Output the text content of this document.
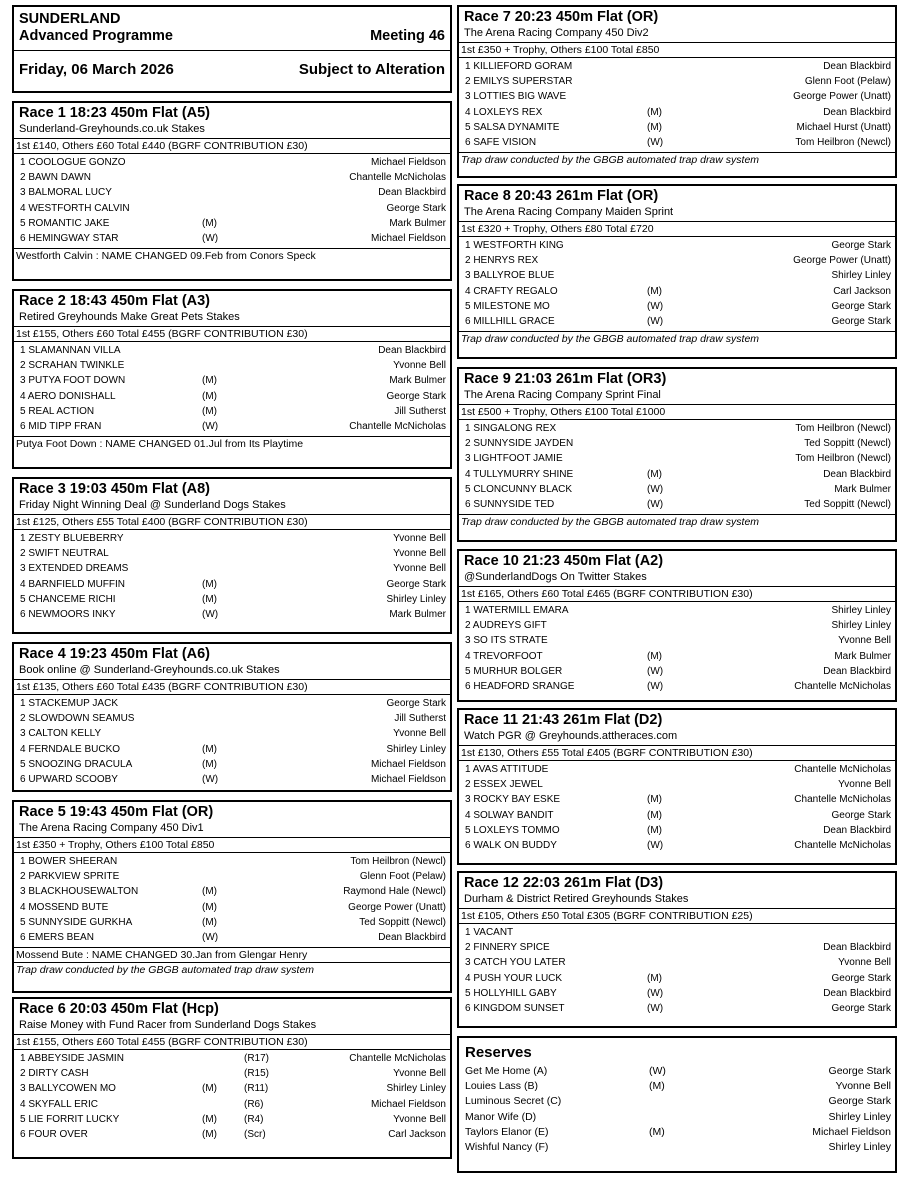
SUNDERLAND
Advanced Programme	Meeting 46
Friday, 06 March 2026	Subject to Alteration
Race 1 18:23 450m Flat (A5)
Sunderland-Greyhounds.co.uk Stakes
1st £140, Others £60 Total £440 (BGRF CONTRIBUTION £30)
1 COOLOGUE GONZO	Michael Fieldson
2 BAWN DAWN	Chantelle McNicholas
3 BALMORAL LUCY	Dean Blackbird
4 WESTFORTH CALVIN	George Stark
5 ROMANTIC JAKE	(M)	Mark Bulmer
6 HEMINGWAY STAR	(W)	Michael Fieldson
Westforth Calvin : NAME CHANGED 09.Feb from Conors Speck
Race 2 18:43 450m Flat (A3)
Retired Greyhounds Make Great Pets Stakes
1st £155, Others £60 Total £455 (BGRF CONTRIBUTION £30)
1 SLAMANNAN VILLA	Dean Blackbird
2 SCRAHAN TWINKLE	Yvonne Bell
3 PUTYA FOOT DOWN	(M)	Mark Bulmer
4 AERO DONISHALL	(M)	George Stark
5 REAL ACTION	(M)	Jill Sutherst
6 MID TIPP FRAN	(W)	Chantelle McNicholas
Putya Foot Down : NAME CHANGED 01.Jul from Its Playtime
Race 3 19:03 450m Flat (A8)
Friday Night Winning Deal @ Sunderland Dogs Stakes
1st £125, Others £55 Total £400 (BGRF CONTRIBUTION £30)
1 ZESTY BLUEBERRY	Yvonne Bell
2 SWIFT NEUTRAL	Yvonne Bell
3 EXTENDED DREAMS	Yvonne Bell
4 BARNFIELD MUFFIN	(M)	George Stark
5 CHANCEME RICHI	(M)	Shirley Linley
6 NEWMOORS INKY	(W)	Mark Bulmer
Race 4 19:23 450m Flat (A6)
Book online @ Sunderland-Greyhounds.co.uk Stakes
1st £135, Others £60 Total £435 (BGRF CONTRIBUTION £30)
1 STACKEMUP JACK	George Stark
2 SLOWDOWN SEAMUS	Jill Sutherst
3 CALTON KELLY	Yvonne Bell
4 FERNDALE BUCKO	(M)	Shirley Linley
5 SNOOZING DRACULA	(M)	Michael Fieldson
6 UPWARD SCOOBY	(W)	Michael Fieldson
Race 5 19:43 450m Flat (OR)
The Arena Racing Company 450 Div1
1st £350 + Trophy, Others £100 Total £850
1 BOWER SHEERAN	Tom Heilbron (Newcl)
2 PARKVIEW SPRITE	Glenn Foot (Pelaw)
3 BLACKHOUSEWALTON	(M)	Raymond Hale (Newcl)
4 MOSSEND BUTE	(M)	George Power (Unatt)
5 SUNNYSIDE GURKHA	(M)	Ted Soppitt (Newcl)
6 EMERS BEAN	(W)	Dean Blackbird
Mossend Bute : NAME CHANGED 30.Jan from Glengar Henry
Trap draw conducted by the GBGB automated trap draw system
Race 6 20:03 450m Flat (Hcp)
Raise Money with Fund Racer from Sunderland Dogs Stakes
1st £155, Others £60 Total £455 (BGRF CONTRIBUTION £30)
1 ABBEYSIDE JASMIN	(R17)	Chantelle McNicholas
2 DIRTY CASH	(R15)	Yvonne Bell
3 BALLYCOWEN MO	(M)	(R11)	Shirley Linley
4 SKYFALL ERIC	(R6)	Michael Fieldson
5 LIE FORRIT LUCKY	(M)	(R4)	Yvonne Bell
6 FOUR OVER	(M)	(Scr)	Carl Jackson
Race 7 20:23 450m Flat (OR)
The Arena Racing Company 450 Div2
1st £350 + Trophy, Others £100 Total £850
1 KILLIEFORD GORAM	Dean Blackbird
2 EMILYS SUPERSTAR	Glenn Foot (Pelaw)
3 LOTTIES BIG WAVE	George Power (Unatt)
4 LOXLEYS REX	(M)	Dean Blackbird
5 SALSA DYNAMITE	(M)	Michael Hurst (Unatt)
6 SAFE VISION	(W)	Tom Heilbron (Newcl)
Trap draw conducted by the GBGB automated trap draw system
Race 8 20:43 261m Flat (OR)
The Arena Racing Company Maiden Sprint
1st £320 + Trophy, Others £80 Total £720
1 WESTFORTH KING	George Stark
2 HENRYS REX	George Power (Unatt)
3 BALLYROE BLUE	Shirley Linley
4 CRAFTY REGALO	(M)	Carl Jackson
5 MILESTONE MO	(W)	George Stark
6 MILLHILL GRACE	(W)	George Stark
Trap draw conducted by the GBGB automated trap draw system
Race 9 21:03 261m Flat (OR3)
The Arena Racing Company Sprint Final
1st £500 + Trophy, Others £100 Total £1000
1 SINGALONG REX	Tom Heilbron (Newcl)
2 SUNNYSIDE JAYDEN	Ted Soppitt (Newcl)
3 LIGHTFOOT JAMIE	Tom Heilbron (Newcl)
4 TULLYMURRY SHINE	(M)	Dean Blackbird
5 CLONCUNNY BLACK	(W)	Mark Bulmer
6 SUNNYSIDE TED	(W)	Ted Soppitt (Newcl)
Trap draw conducted by the GBGB automated trap draw system
Race 10 21:23 450m Flat (A2)
@SunderlandDogs On Twitter Stakes
1st £165, Others £60 Total £465 (BGRF CONTRIBUTION £30)
1 WATERMILL EMARA	Shirley Linley
2 AUDREYS GIFT	Shirley Linley
3 SO ITS STRATE	Yvonne Bell
4 TREVORFOOT	(M)	Mark Bulmer
5 MURHUR BOLGER	(W)	Dean Blackbird
6 HEADFORD SRANGE	(W)	Chantelle McNicholas
Race 11 21:43 261m Flat (D2)
Watch PGR @ Greyhounds.attheraces.com
1st £130, Others £55 Total £405 (BGRF CONTRIBUTION £30)
1 AVAS ATTITUDE	Chantelle McNicholas
2 ESSEX JEWEL	Yvonne Bell
3 ROCKY BAY ESKE	(M)	Chantelle McNicholas
4 SOLWAY BANDIT	(M)	George Stark
5 LOXLEYS TOMMO	(M)	Dean Blackbird
6 WALK ON BUDDY	(W)	Chantelle McNicholas
Race 12 22:03 261m Flat (D3)
Durham & District Retired Greyhounds Stakes
1st £105, Others £50 Total £305 (BGRF CONTRIBUTION £25)
1 VACANT
2 FINNERY SPICE	Dean Blackbird
3 CATCH YOU LATER	Yvonne Bell
4 PUSH YOUR LUCK	(M)	George Stark
5 HOLLYHILL GABY	(W)	Dean Blackbird
6 KINGDOM SUNSET	(W)	George Stark
Reserves
Get Me Home (A)	(W)	George Stark
Louies Lass (B)	(M)	Yvonne Bell
Luminous Secret (C)	George Stark
Manor Wife (D)	Shirley Linley
Taylors Elanor (E)	(M)	Michael Fieldson
Wishful Nancy (F)	Shirley Linley
